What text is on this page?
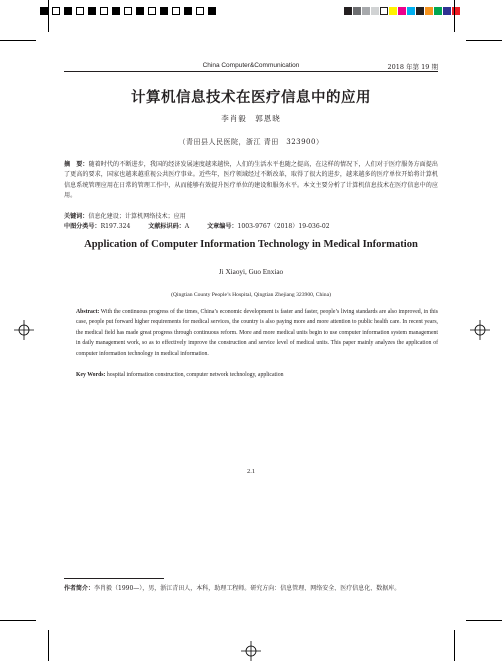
China Computer&Communication	2018 年第 19 期
计算机信息技术在医疗信息中的应用
李肖毅　郭恩晓
（青田县人民医院，浙江 青田　323900）
摘　要：随着时代的不断进步，我国的经济发展速度越来越快，人们的生活水平也随之提高，在这样的情况下，人们对于医疗服务方面提出了更高的要求，国家也越来越重视公共医疗事业。近些年，医疗领域经过不断改革，取得了很大的进步，越来越多的医疗单位开始将计算机信息系统管理应用在日常的管理工作中，从而能够有效提升医疗单位的建设和服务水平。本文主要分析了计算机信息技术在医疗信息中的应用。
关键词：信息化建设；计算机网络技术；应用
中图分类号：R197.324	文献标识码：A	文章编号：1003-9767（2018）19-036-02
Application of Computer Information Technology in Medical Information
Ji Xiaoyi, Guo Enxiao
(Qingtian County People’s Hospital, Qingtian Zhejiang 323900, China)
Abstract: With the continuous progress of the times, China’s economic development is faster and faster, people’s living standards are also improved, in this case, people put forward higher requirements for medical services, the country is also paying more and more attention to public health care. In recent years, the medical field has made great progress through continuous reform. More and more medical units begin to use computer information system management in daily management work, so as to effectively improve the construction and service level of medical units. This paper mainly analyzes the application of computer information technology in medical information.
Key Words: hospital information construction, computer network technology, application
2.1
作者简介：李肖毅（1990—），男，浙江青田人，本科，助理工程师。研究方向：信息管理、网络安全、医疗信息化、数据库。
